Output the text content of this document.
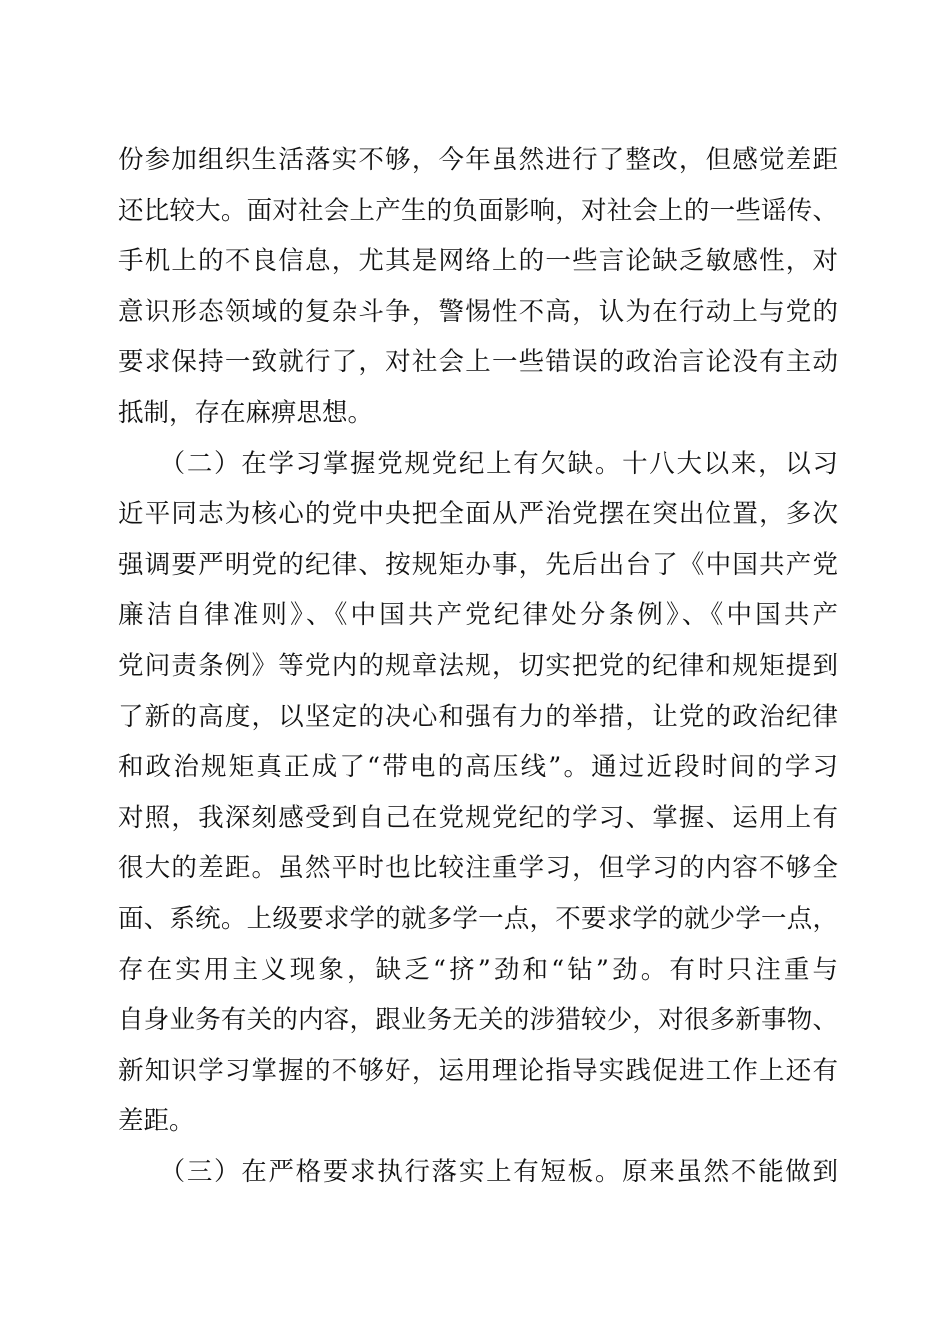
份参加组织生活落实不够，今年虽然进行了整改，但感觉差距
还比较大。面对社会上产生的负面影响，对社会上的一些谣传、
手机上的不良信息，尤其是网络上的一些言论缺乏敏感性，对
意识形态领域的复杂斗争，警惕性不高，认为在行动上与党的
要求保持一致就行了，对社会上一些错误的政治言论没有主动
抵制，存在麻痹思想。
　　（二）在学习掌握党规党纪上有欠缺。十八大以来，以习
近平同志为核心的党中央把全面从严治党摆在突出位置，多次
强调要严明党的纪律、按规矩办事，先后出台了《中国共产党
廉洁自律准则》、《中国共产党纪律处分条例》、《中国共产
党问责条例》等党内的规章法规，切实把党的纪律和规矩提到
了新的高度，以坚定的决心和强有力的举措，让党的政治纪律
和政治规矩真正成了“带电的高压线”。通过近段时间的学习
对照，我深刻感受到自己在党规党纪的学习、掌握、运用上有
很大的差距。虽然平时也比较注重学习，但学习的内容不够全
面、系统。上级要求学的就多学一点，不要求学的就少学一点，
存在实用主义现象，缺乏“挤”劲和“钻”劲。有时只注重与
自身业务有关的内容，跟业务无关的涉猎较少，对很多新事物、
新知识学习掌握的不够好，运用理论指导实践促进工作上还有
差距。
　　（三）在严格要求执行落实上有短板。原来虽然不能做到
